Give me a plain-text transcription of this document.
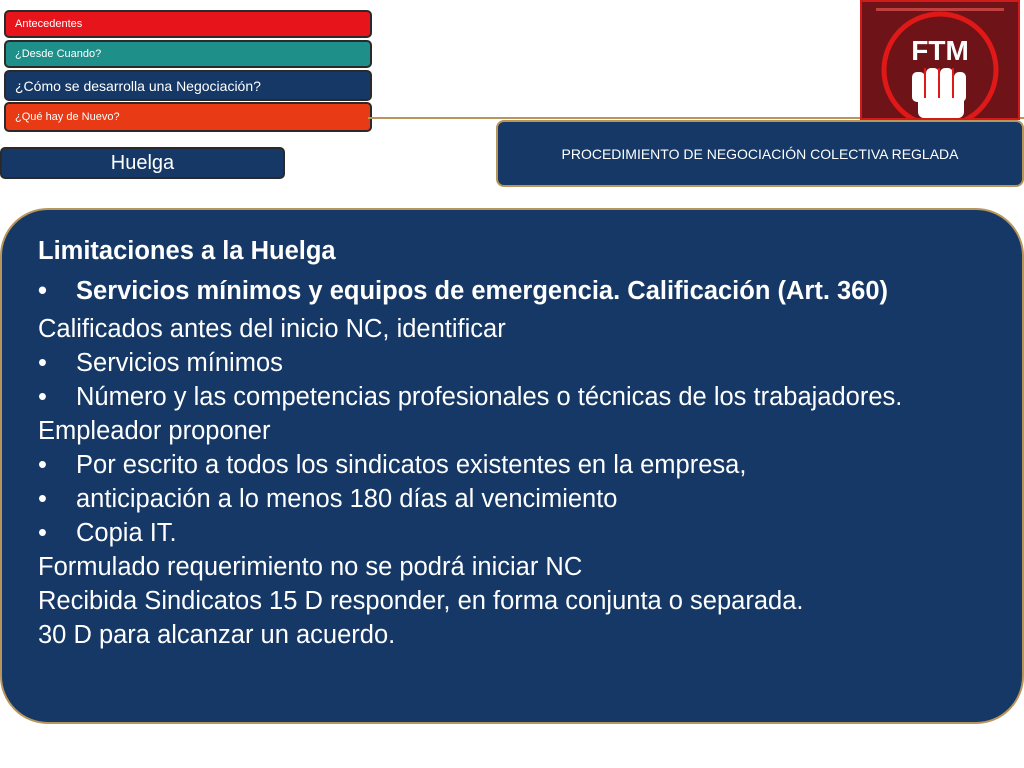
Antecedentes
¿Desde Cuando?
¿Cómo se desarrolla una Negociación?
¿Qué hay de Nuevo?
Huelga
FTM
PROCEDIMIENTO DE NEGOCIACIÓN COLECTIVA REGLADA

Limitaciones a la Huelga

•	Servicios mínimos y equipos de emergencia. Calificación (Art. 360)

Calificados antes del inicio NC, identificar

•	Servicios mínimos
•	Número y las competencias profesionales o técnicas de los trabajadores.

Empleador proponer

•	Por escrito a todos los sindicatos existentes en la empresa,
•	anticipación a lo menos 180 días al vencimiento
•	Copia IT.

Formulado requerimiento no se podrá iniciar NC

Recibida Sindicatos 15 D responder, en forma conjunta o separada.

30 D para alcanzar un acuerdo.
